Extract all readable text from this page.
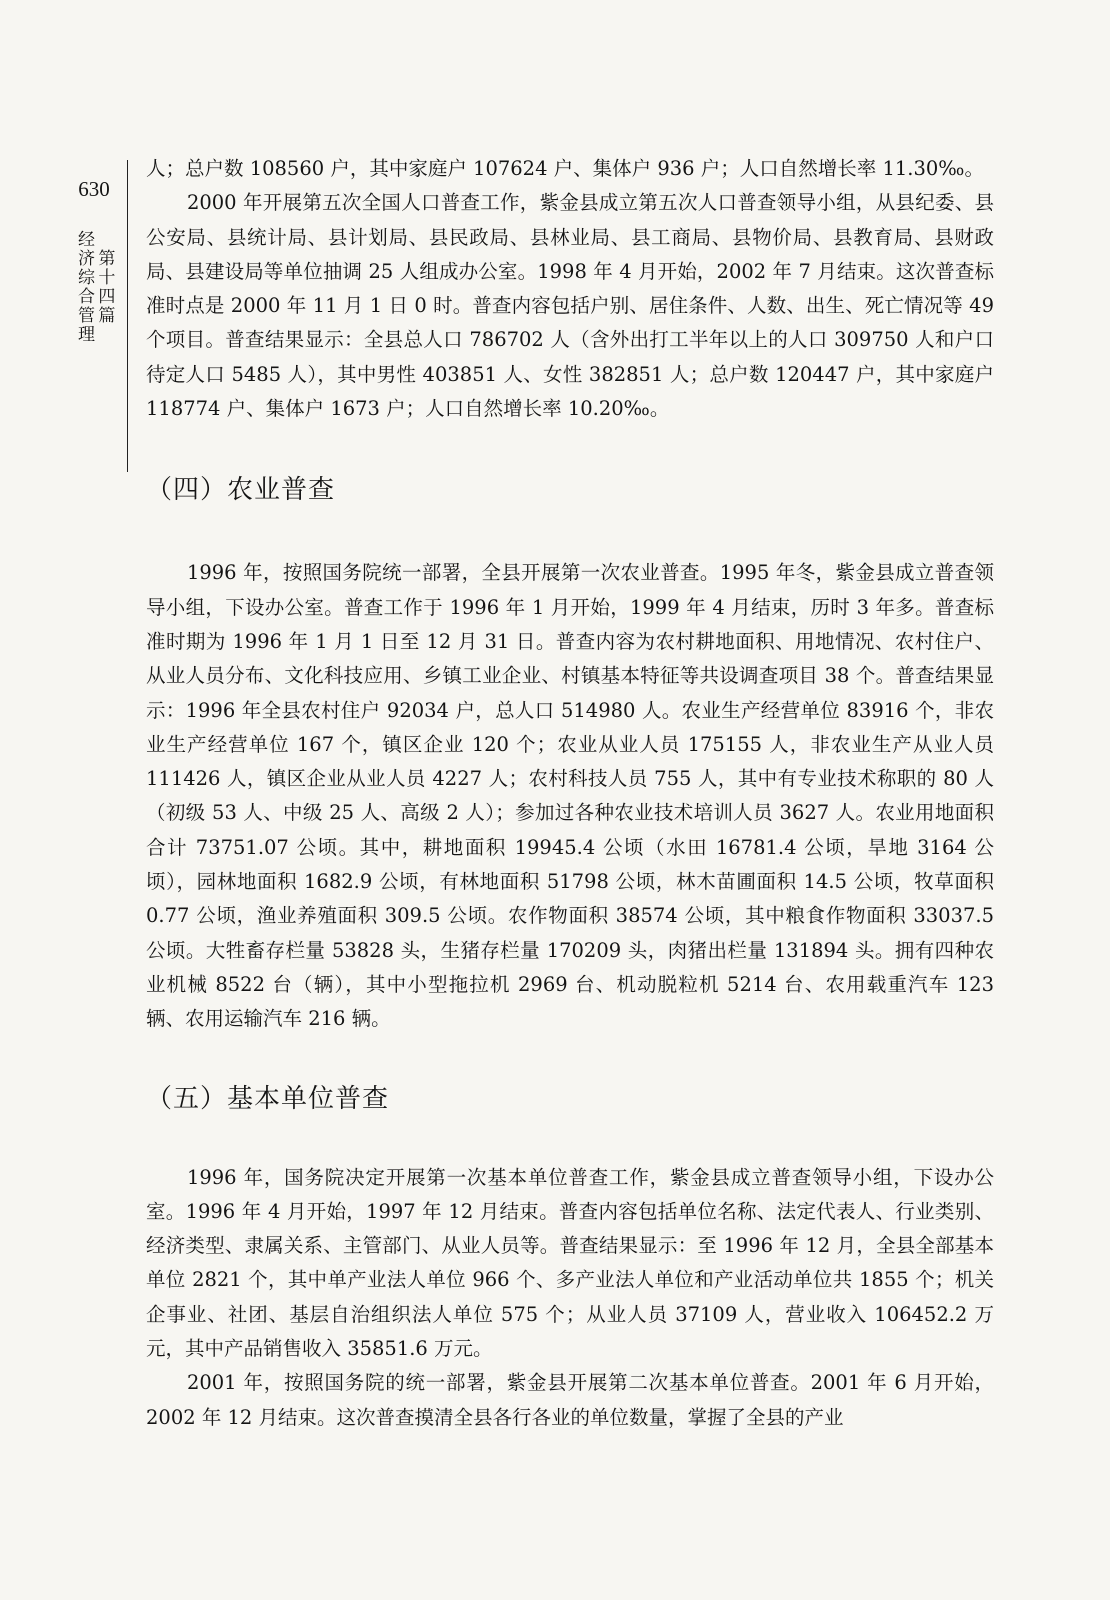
630
第十四篇
经济综合管理

人；总户数 108560 户，其中家庭户 107624 户、集体户 936 户；人口自然增长率 11.30‰。

2000 年开展第五次全国人口普查工作，紫金县成立第五次人口普查领导小组，从县纪委、县公安局、县统计局、县计划局、县民政局、县林业局、县工商局、县物价局、县教育局、县财政局、县建设局等单位抽调 25 人组成办公室。1998 年 4 月开始，2002 年 7 月结束。这次普查标准时点是 2000 年 11 月 1 日 0 时。普查内容包括户别、居住条件、人数、出生、死亡情况等 49 个项目。普查结果显示：全县总人口 786702 人（含外出打工半年以上的人口 309750 人和户口待定人口 5485 人），其中男性 403851 人、女性 382851 人；总户数 120447 户，其中家庭户 118774 户、集体户 1673 户；人口自然增长率 10.20‰。

（四）农业普查

1996 年，按照国务院统一部署，全县开展第一次农业普查。1995 年冬，紫金县成立普查领导小组，下设办公室。普查工作于 1996 年 1 月开始，1999 年 4 月结束，历时 3 年多。普查标准时期为 1996 年 1 月 1 日至 12 月 31 日。普查内容为农村耕地面积、用地情况、农村住户、从业人员分布、文化科技应用、乡镇工业企业、村镇基本特征等共设调查项目 38 个。普查结果显示：1996 年全县农村住户 92034 户，总人口 514980 人。农业生产经营单位 83916 个，非农业生产经营单位 167 个，镇区企业 120 个；农业从业人员 175155 人，非农业生产从业人员 111426 人，镇区企业从业人员 4227 人；农村科技人员 755 人，其中有专业技术称职的 80 人（初级 53 人、中级 25 人、高级 2 人）；参加过各种农业技术培训人员 3627 人。农业用地面积合计 73751.07 公顷。其中，耕地面积 19945.4 公顷（水田 16781.4 公顷，旱地 3164 公顷），园林地面积 1682.9 公顷，有林地面积 51798 公顷，林木苗圃面积 14.5 公顷，牧草面积 0.77 公顷，渔业养殖面积 309.5 公顷。农作物面积 38574 公顷，其中粮食作物面积 33037.5 公顷。大牲畜存栏量 53828 头，生猪存栏量 170209 头，肉猪出栏量 131894 头。拥有四种农业机械 8522 台（辆），其中小型拖拉机 2969 台、机动脱粒机 5214 台、农用载重汽车 123 辆、农用运输汽车 216 辆。

（五）基本单位普查

1996 年，国务院决定开展第一次基本单位普查工作，紫金县成立普查领导小组，下设办公室。1996 年 4 月开始，1997 年 12 月结束。普查内容包括单位名称、法定代表人、行业类别、经济类型、隶属关系、主管部门、从业人员等。普查结果显示：至 1996 年 12 月，全县全部基本单位 2821 个，其中单产业法人单位 966 个、多产业法人单位和产业活动单位共 1855 个；机关企事业、社团、基层自治组织法人单位 575 个；从业人员 37109 人，营业收入 106452.2 万元，其中产品销售收入 35851.6 万元。

2001 年，按照国务院的统一部署，紫金县开展第二次基本单位普查。2001 年 6 月开始，2002 年 12 月结束。这次普查摸清全县各行各业的单位数量，掌握了全县的产业
